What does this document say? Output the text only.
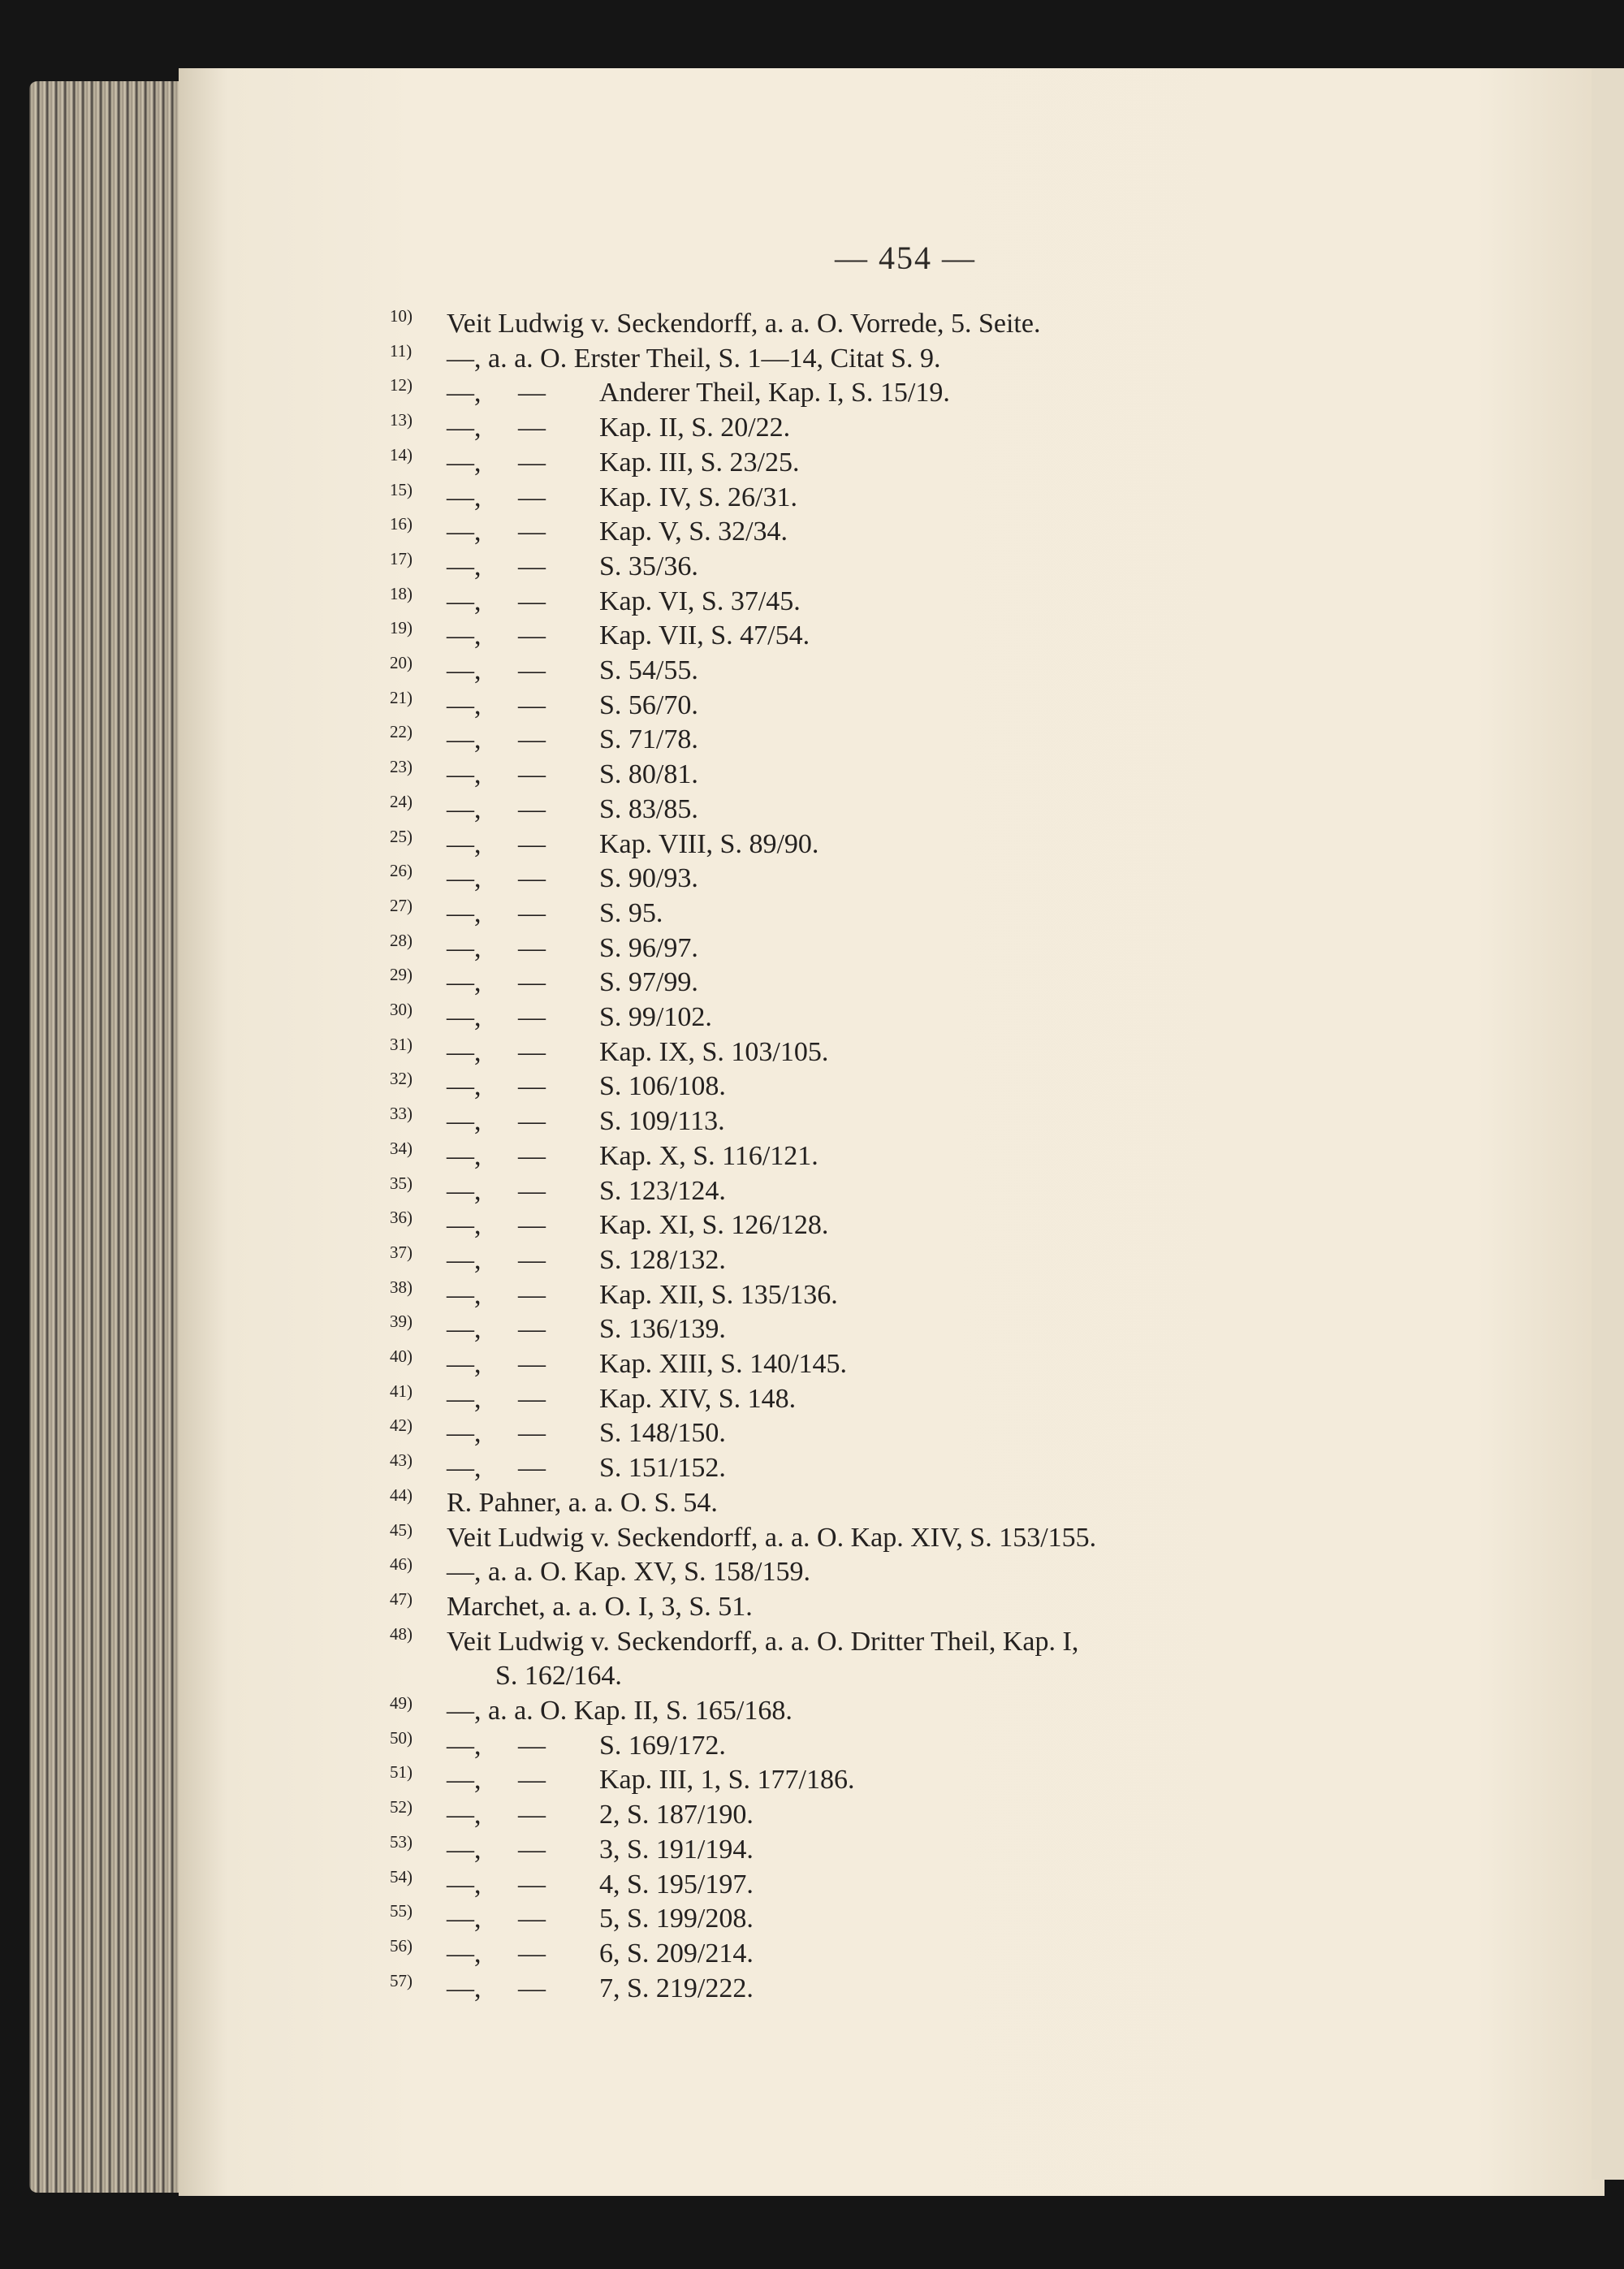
— 454 —
10) Veit Ludwig v. Seckendorff, a. a. O. Vorrede, 5. Seite.
11) —, a. a. O. Erster Theil, S. 1—14, Citat S. 9.
12) —, — Anderer Theil, Kap. I, S. 15/19.
13) —, — Kap. II, S. 20/22.
14) —, — Kap. III, S. 23/25.
15) —, — Kap. IV, S. 26/31.
16) —, — Kap. V, S. 32/34.
17) —, — S. 35/36.
18) —, — Kap. VI, S. 37/45.
19) —, — Kap. VII, S. 47/54.
20) —, — S. 54/55.
21) —, — S. 56/70.
22) —, — S. 71/78.
23) —, — S. 80/81.
24) —, — S. 83/85.
25) —, — Kap. VIII, S. 89/90.
26) —, — S. 90/93.
27) —, — S. 95.
28) —, — S. 96/97.
29) —, — S. 97/99.
30) —, — S. 99/102.
31) —, — Kap. IX, S. 103/105.
32) —, — S. 106/108.
33) —, — S. 109/113.
34) —, — Kap. X, S. 116/121.
35) —, — S. 123/124.
36) —, — Kap. XI, S. 126/128.
37) —, — S. 128/132.
38) —, — Kap. XII, S. 135/136.
39) —, — S. 136/139.
40) —, — Kap. XIII, S. 140/145.
41) —, — Kap. XIV, S. 148.
42) —, — S. 148/150.
43) —, — S. 151/152.
44) R. Pahner, a. a. O. S. 54.
45) Veit Ludwig v. Seckendorff, a. a. O. Kap. XIV, S. 153/155.
46) —, a. a. O. Kap. XV, S. 158/159.
47) Marchet, a. a. O. I, 3, S. 51.
48) Veit Ludwig v. Seckendorff, a. a. O. Dritter Theil, Kap. I,
S. 162/164.
49) —, a. a. O. Kap. II, S. 165/168.
50) —, — S. 169/172.
51) —, — Kap. III, 1, S. 177/186.
52) —, — 2, S. 187/190.
53) —, — 3, S. 191/194.
54) —, — 4, S. 195/197.
55) —, — 5, S. 199/208.
56) —, — 6, S. 209/214.
57) —, — 7, S. 219/222.
